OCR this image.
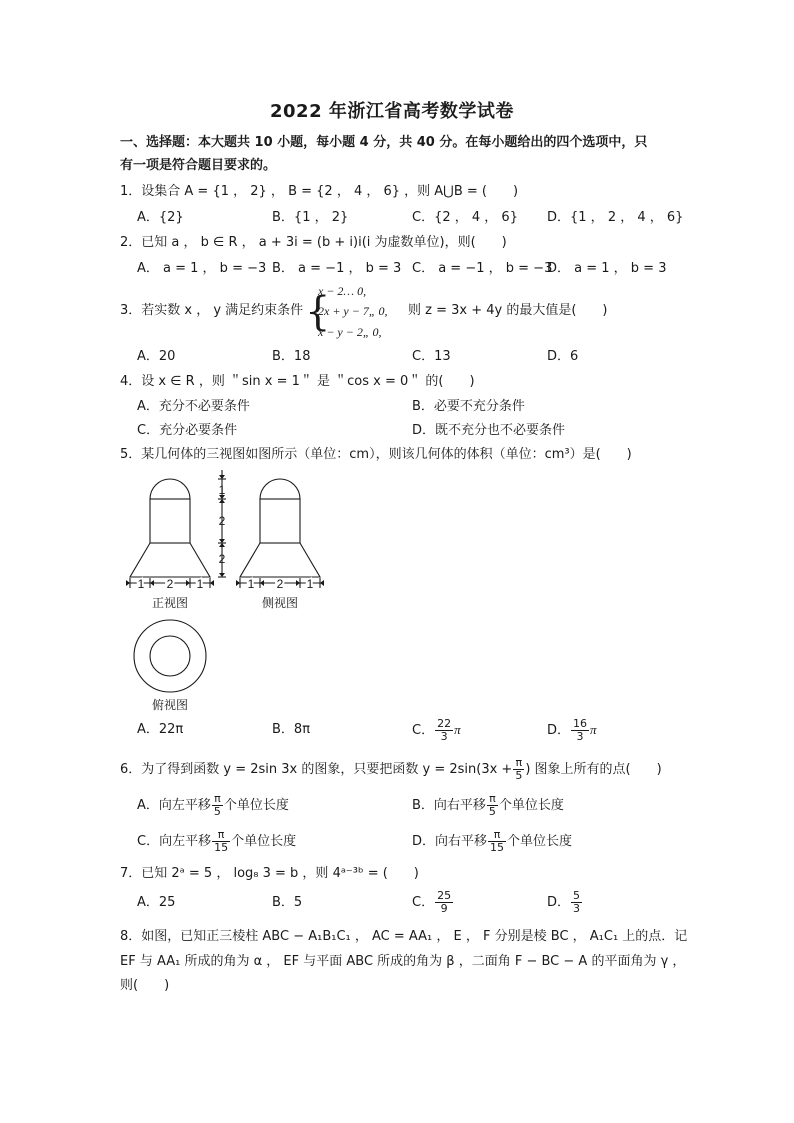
2022 年浙江省高考数学试卷
一、选择题：本大题共 10 小题，每小题 4 分，共 40 分。在每小题给出的四个选项中，只
有一项是符合题目要求的。
1．设集合 A = {1 ， 2} ， B = {2 ， 4 ， 6} ，则 A⋃B = (　　)
A．{2}	B．{1 ， 2}	C．{2 ， 4 ， 6} D．{1 ， 2 ， 4 ， 6}
2．已知 a ， b ∈ R ， a + 3i = (b + i)i(i 为虚数单位)，则(　　)
A． a = 1 ， b = −3 B． a = −1 ， b = 3 C． a = −1 ， b = −3
D． a = 1 ， b = 3
3．若实数 x ， y 满足约束条件 {
x − 2… 0,
2x + y − 7„ 0,
x − y − 2„ 0,
则 z = 3x + 4y 的最大值是(　　)
A．20	B．18	C．13	D．6
4．设 x ∈ R ，则 ＂sin x = 1＂ 是 ＂cos x = 0＂ 的(　　)
A．充分不必要条件	B．必要不充分条件
C．充分必要条件	D．既不充分也不必要条件
5．某几何体的三视图如图所示（单位：cm），则该几何体的体积（单位：cm³）是(　　)
1
2
2
1 2 1	1 2 1
正视图	侧视图
俯视图
A．22π	B．8π	C． $\frac{22}{3}$ π	D． $\frac{16}{3}$ π
6．为了得到函数 y = 2sin 3x 的图象，只要把函数 $y = 2\sin(3x + \frac{\pi}{5}$ ) 图象上所有的点(　　)
A．向左平移 $\frac{\pi}{5}$ 个单位长度	B．向右平移 $\frac{\pi}{5}$ 个单位长度
C．向左平移 $\frac{\pi}{15}$ 个单位长度	D．向右平移 $\frac{\pi}{15}$ 个单位长度
7．已知 2ᵃ = 5 ， log₈ 3 = b ，则 4ᵃ⁻³ᵇ = (　　)
A．25	B．5	C． $\frac{25}{9}$	D． $\frac{5}{3}$
8．如图，已知正三棱柱 ABC − A₁B₁C₁ ， AC = AA₁ ， E ， F 分别是棱 BC ， A₁C₁ 上的点．记
EF 与 AA₁ 所成的角为 α ， EF 与平面 ABC 所成的角为 β ，二面角 F − BC − A 的平面角为 γ ，
则(　　)
